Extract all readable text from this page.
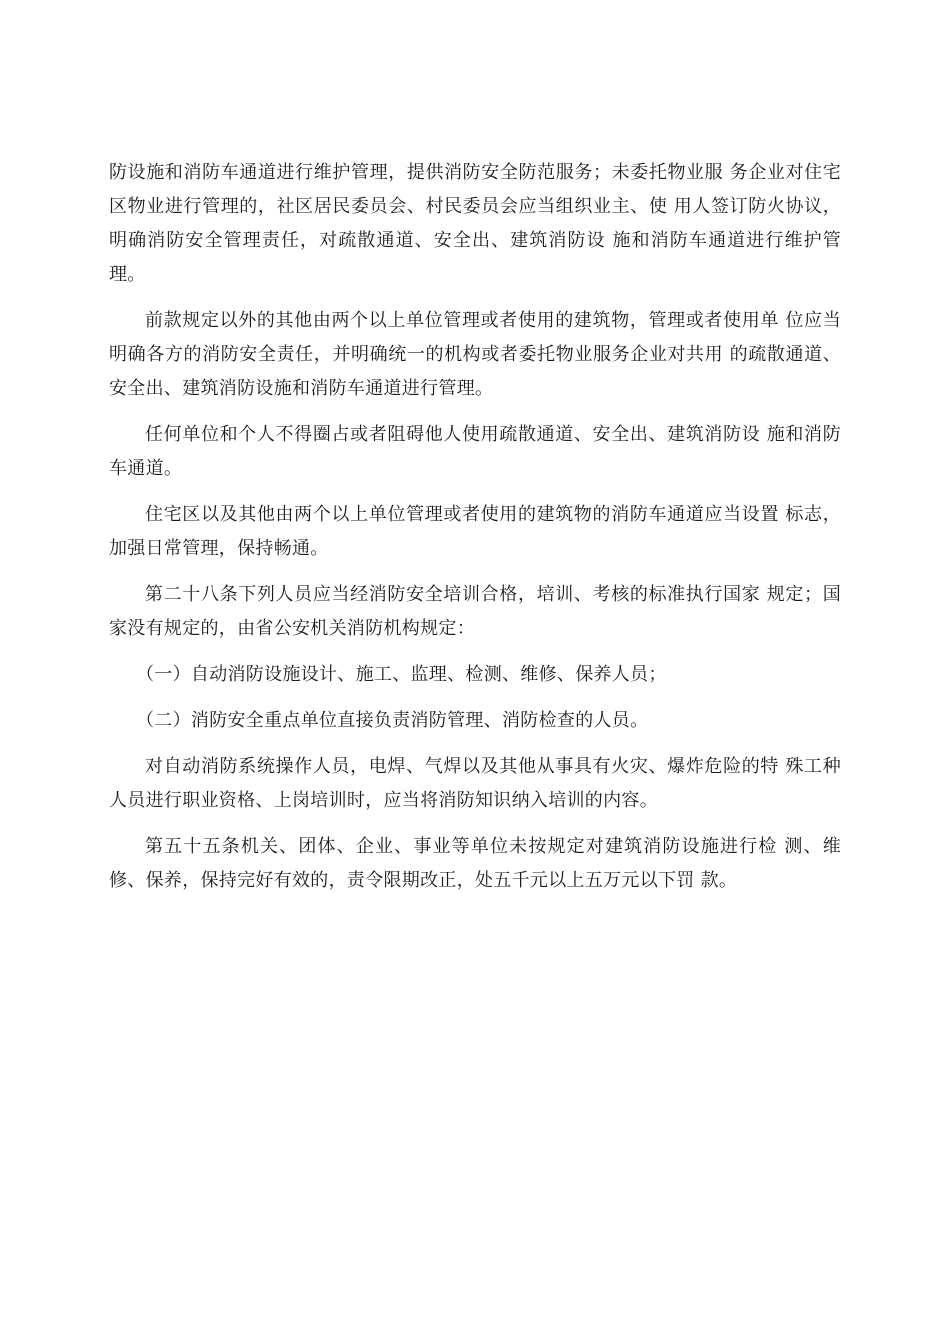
防设施和消防车通道进行维护管理，提供消防安全防范服务；未委托物业服 务企业对住宅区物业进行管理的，社区居民委员会、村民委员会应当组织业主、使 用人签订防火协议，明确消防安全管理责任，对疏散通道、安全出、建筑消防设 施和消防车通道进行维护管理。

前款规定以外的其他由两个以上单位管理或者使用的建筑物，管理或者使用单 位应当明确各方的消防安全责任，并明确统一的机构或者委托物业服务企业对共用 的疏散通道、安全出、建筑消防设施和消防车通道进行管理。

任何单位和个人不得圈占或者阻碍他人使用疏散通道、安全出、建筑消防设 施和消防车通道。

住宅区以及其他由两个以上单位管理或者使用的建筑物的消防车通道应当设置 标志，加强日常管理，保持畅通。

第二十八条下列人员应当经消防安全培训合格，培训、考核的标准执行国家 规定；国家没有规定的，由省公安机关消防机构规定：

（一）自动消防设施设计、施工、监理、检测、维修、保养人员；

（二）消防安全重点单位直接负责消防管理、消防检查的人员。

对自动消防系统操作人员，电焊、气焊以及其他从事具有火灾、爆炸危险的特 殊工种人员进行职业资格、上岗培训时，应当将消防知识纳入培训的内容。

第五十五条机关、团体、企业、事业等单位未按规定对建筑消防设施进行检 测、维修、保养，保持完好有效的，责令限期改正，处五千元以上五万元以下罚 款。
